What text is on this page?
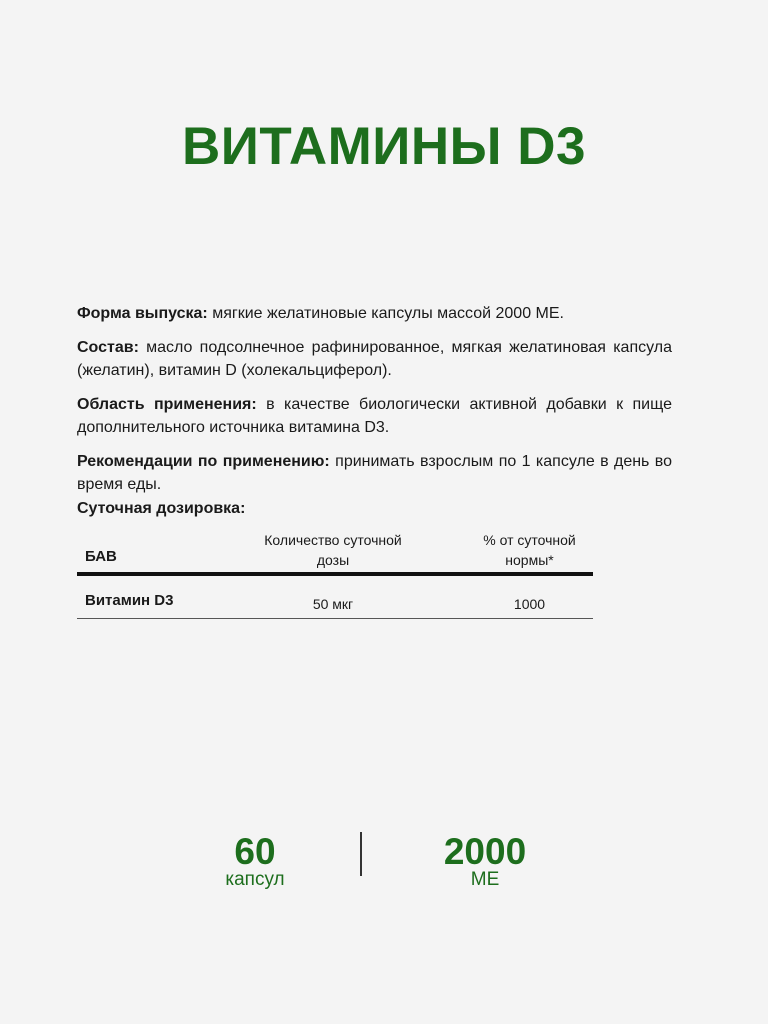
ВИТАМИНЫ D3

Форма выпуска: мягкие желатиновые капсулы массой 2000 МЕ.

Состав: масло подсолнечное рафинированное, мягкая желатиновая капсула (желатин), витамин D (холекальциферол).

Область применения: в качестве биологически активной добавки к пище дополнительного источника витамина D3.

Рекомендации по применению: принимать взрослым по 1 капсуле в день во время еды.

Суточная дозировка:

БАВ
Количество суточной
дозы
% от суточной
нормы*
Витамин D3	50 мкг	1000
60
капсул
2000
МЕ
